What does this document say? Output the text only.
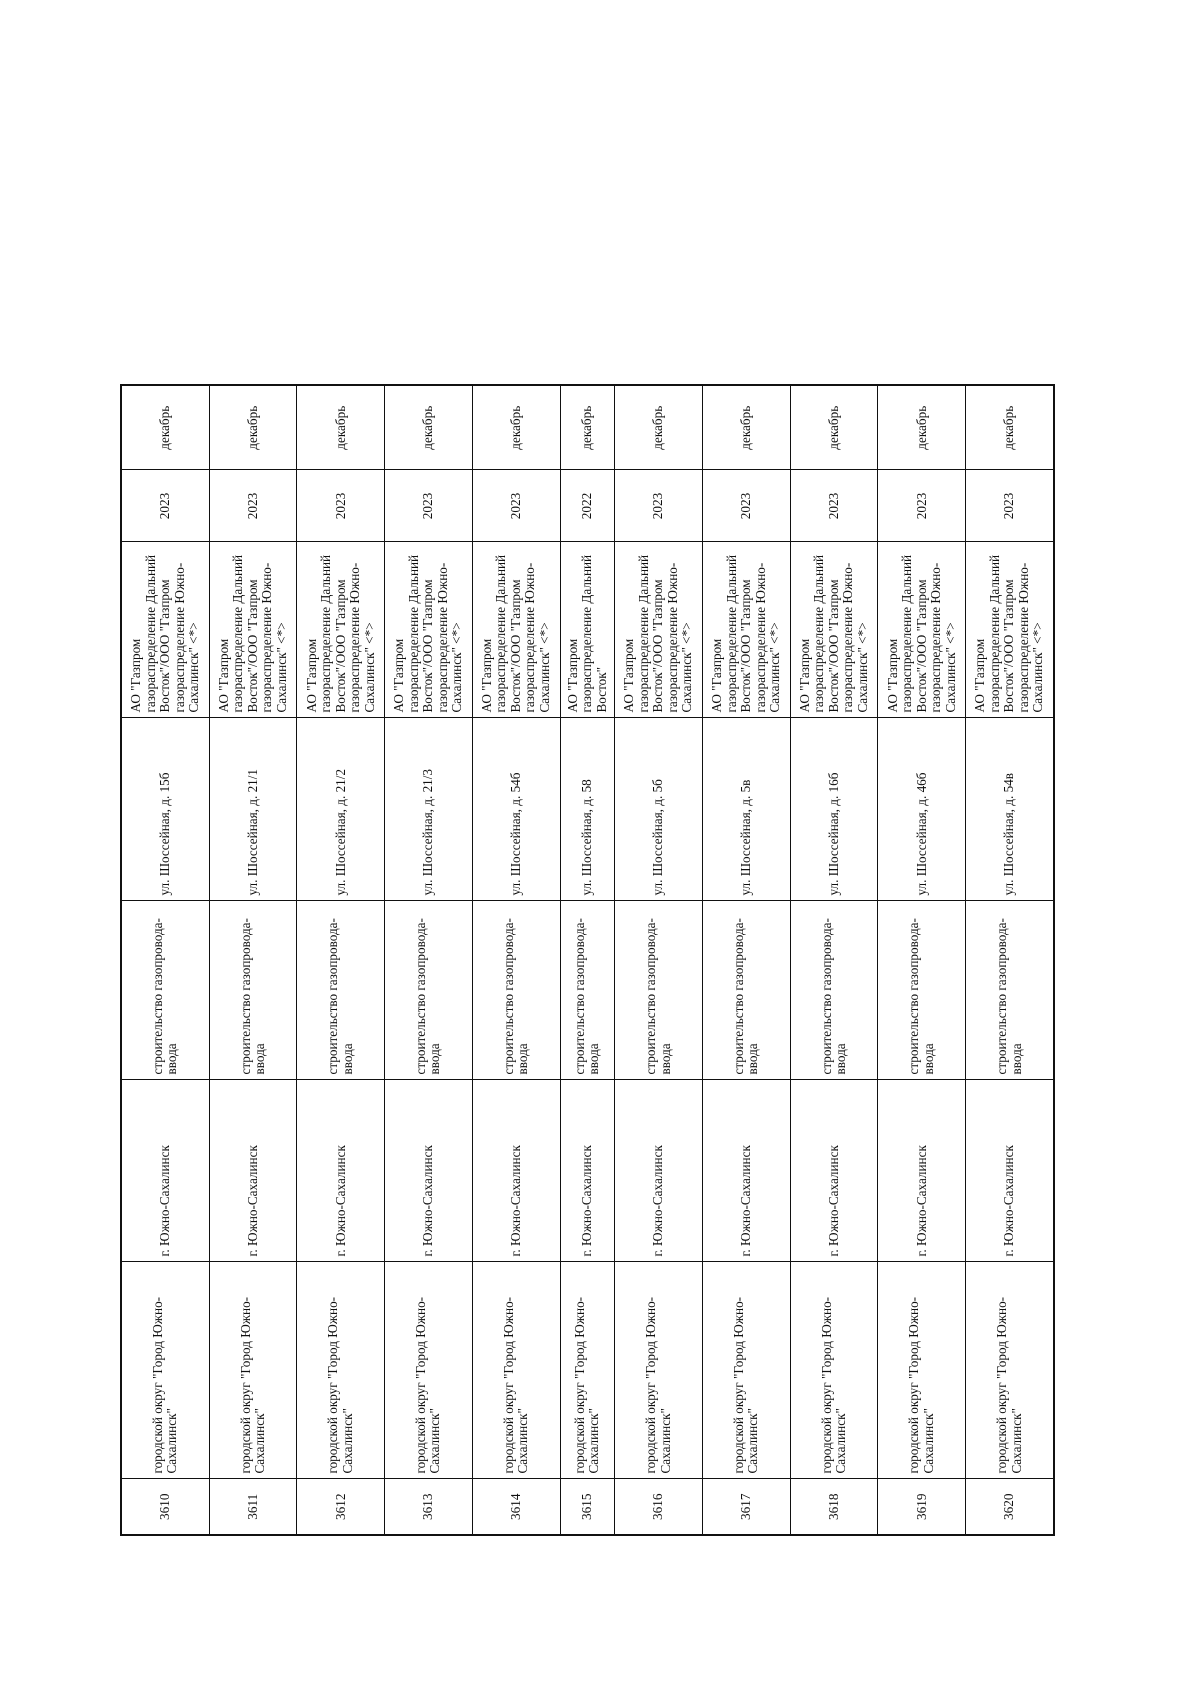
3610	городской округ "Город Южно-Сахалинск"	г. Южно-Сахалинск	строительство газопровода-ввода	ул. Шоссейная, д. 15б	АО "Газпром газораспределение Дальний Восток"/ООО "Газпром газораспределение Южно-Сахалинск" <*>	2023	декабрь
3611	городской округ "Город Южно-Сахалинск"	г. Южно-Сахалинск	строительство газопровода-ввода	ул. Шоссейная, д. 21/1	АО "Газпром газораспределение Дальний Восток"/ООО "Газпром газораспределение Южно-Сахалинск" <*>	2023	декабрь
3612	городской округ "Город Южно-Сахалинск"	г. Южно-Сахалинск	строительство газопровода-ввода	ул. Шоссейная, д. 21/2	АО "Газпром газораспределение Дальний Восток"/ООО "Газпром газораспределение Южно-Сахалинск" <*>	2023	декабрь
3613	городской округ "Город Южно-Сахалинск"	г. Южно-Сахалинск	строительство газопровода-ввода	ул. Шоссейная, д. 21/3	АО "Газпром газораспределение Дальний Восток"/ООО "Газпром газораспределение Южно-Сахалинск" <*>	2023	декабрь
3614	городской округ "Город Южно-Сахалинск"	г. Южно-Сахалинск	строительство газопровода-ввода	ул. Шоссейная, д. 54б	АО "Газпром газораспределение Дальний Восток"/ООО "Газпром газораспределение Южно-Сахалинск" <*>	2023	декабрь
3615	городской округ "Город Южно-Сахалинск"	г. Южно-Сахалинск	строительство газопровода-ввода	ул. Шоссейная, д. 58	АО "Газпром газораспределение Дальний Восток"	2022	декабрь
3616	городской округ "Город Южно-Сахалинск"	г. Южно-Сахалинск	строительство газопровода-ввода	ул. Шоссейная, д. 5б	АО "Газпром газораспределение Дальний Восток"/ООО "Газпром газораспределение Южно-Сахалинск" <*>	2023	декабрь
3617	городской округ "Город Южно-Сахалинск"	г. Южно-Сахалинск	строительство газопровода-ввода	ул. Шоссейная, д. 5в	АО "Газпром газораспределение Дальний Восток"/ООО "Газпром газораспределение Южно-Сахалинск" <*>	2023	декабрь
3618	городской округ "Город Южно-Сахалинск"	г. Южно-Сахалинск	строительство газопровода-ввода	ул. Шоссейная, д. 16б	АО "Газпром газораспределение Дальний Восток"/ООО "Газпром газораспределение Южно-Сахалинск" <*>	2023	декабрь
3619	городской округ "Город Южно-Сахалинск"	г. Южно-Сахалинск	строительство газопровода-ввода	ул. Шоссейная, д. 46б	АО "Газпром газораспределение Дальний Восток"/ООО "Газпром газораспределение Южно-Сахалинск" <*>	2023	декабрь
3620	городской округ "Город Южно-Сахалинск"	г. Южно-Сахалинск	строительство газопровода-ввода	ул. Шоссейная, д. 54в	АО "Газпром газораспределение Дальний Восток"/ООО "Газпром газораспределение Южно-Сахалинск" <*>	2023	декабрь
